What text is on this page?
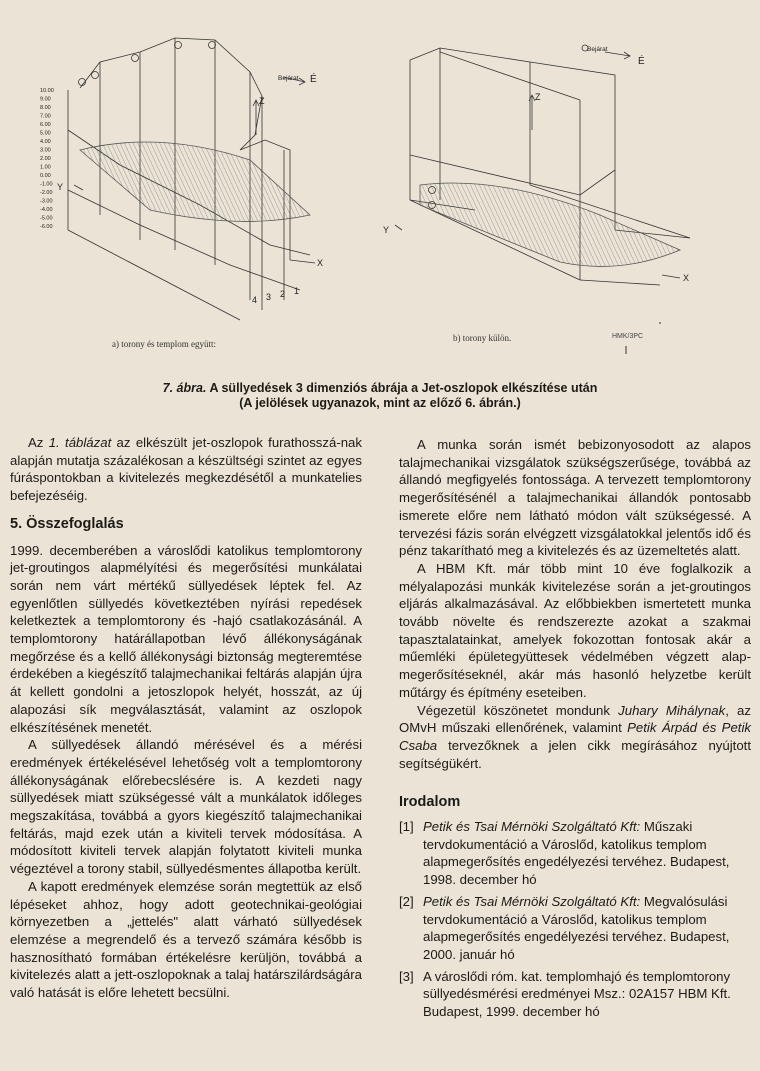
Bejárat É
Z
Y
X
10.00
9.00
8.00
7.00
6.00
5.00
4.00
3.00
2.00
1.00
0.00
-1.00
-2.00
-3.00
-4.00
-5.00
-6.00
4 3 2 1
Bejárat
É
Z
Y
X
a) torony és templom együtt:
b) torony külön.	HMK/3PC
7. ábra. A süllyedések 3 dimenziós ábrája a Jet-oszlopok elkészítése után
(A jelölések ugyanazok, mint az előző 6. ábrán.)

Az 1. táblázat az elkészült jet-oszlopok furathosszá-nak alapján mutatja százalékosan a készültségi szintet az egyes fúráspontokban a kivitelezés megkezdésétől a munkatelies befejezéséig.

5. Összefoglalás

1999. decemberében a városlődi katolikus templomtorony jet-groutingos alapmélyítési és megerősítési munkálatai során nem várt mértékű süllyedések léptek fel. Az egyenlőtlen süllyedés következtében nyírási repedések keletkeztek a templomtorony és -hajó csatlakozásánál. A templomtorony határállapotban lévő állékonyságának megőrzése és a kellő állékonysági biztonság megteremtése érdekében a kiegészítő talajmechanikai feltárás alapján újra át kellett gondolni a jetoszlopok helyét, hosszát, az új alapozási sík megválasztását, valamint az oszlopok elkészítésének menetét.

A süllyedések állandó mérésével és a mérési eredmények értékelésével lehetőség volt a templomtorony állékonyságának előrebecslésére is. A kezdeti nagy süllyedések miatt szükségessé vált a munkálatok időleges megszakítása, továbbá a gyors kiegészítő talajmechanikai feltárás, majd ezek után a kiviteli tervek módosítása. A módosított kiviteli tervek alapján folytatott kiviteli munka végeztével a torony stabil, süllyedésmentes állapotba került.

A kapott eredmények elemzése során megtettük az első lépéseket ahhoz, hogy adott geotechnikai-geológiai környezetben a „jettelés" alatt várható süllyedések elemzése a megrendelő és a tervező számára később is hasznosítható formában értékelésre kerüljön, továbbá a kivitelezés alatt a jett-oszlopoknak a talaj határszilárdságára való hatását is előre lehetett becsülni.

A munka során ismét bebizonyosodott az alapos talajmechanikai vizsgálatok szükségszerűsége, továbbá az állandó megfigyelés fontossága. A tervezett templomtorony megerősítésénél a talajmechanikai állandók pontosabb ismerete előre nem látható módon vált szükségessé. A tervezési fázis során elvégzett vizsgálatokkal jelentős idő és pénz takarítható meg a kivitelezés és az üzemeltetés alatt.

A HBM Kft. már több mint 10 éve foglalkozik a mélyalapozási munkák kivitelezése során a jet-groutingos eljárás alkalmazásával. Az előbbiekben ismertetett munka tovább növelte és rendszerezte azokat a szakmai tapasztalatainkat, amelyek fokozottan fontosak akár a műemléki épületegyüttesek védelmében végzett alap-megerősítéseknél, akár más hasonló helyzetbe került műtárgy és építmény eseteiben.

Végezetül köszönetet mondunk Juhary Mihálynak, az OMvH műszaki ellenőrének, valamint Petik Árpád és Petik Csaba tervezőknek a jelen cikk megírásához nyújtott segítségükért.

Irodalom
[1] Petik és Tsai Mérnöki Szolgáltató Kft: Műszaki tervdokumentáció a Városlőd, katolikus templom alapmegerősítés engedélyezési tervéhez. Budapest, 1998. december hó
[2] Petik és Tsai Mérnöki Szolgáltató Kft: Megvalósulási tervdokumentáció a Városlőd, katolikus templom alapmegerősítés engedélyezési tervéhez. Budapest, 2000. január hó
[3] A városlődi róm. kat. templomhajó és templomtorony süllyedésmérési eredményei Msz.: 02A157 HBM Kft. Budapest, 1999. december hó
